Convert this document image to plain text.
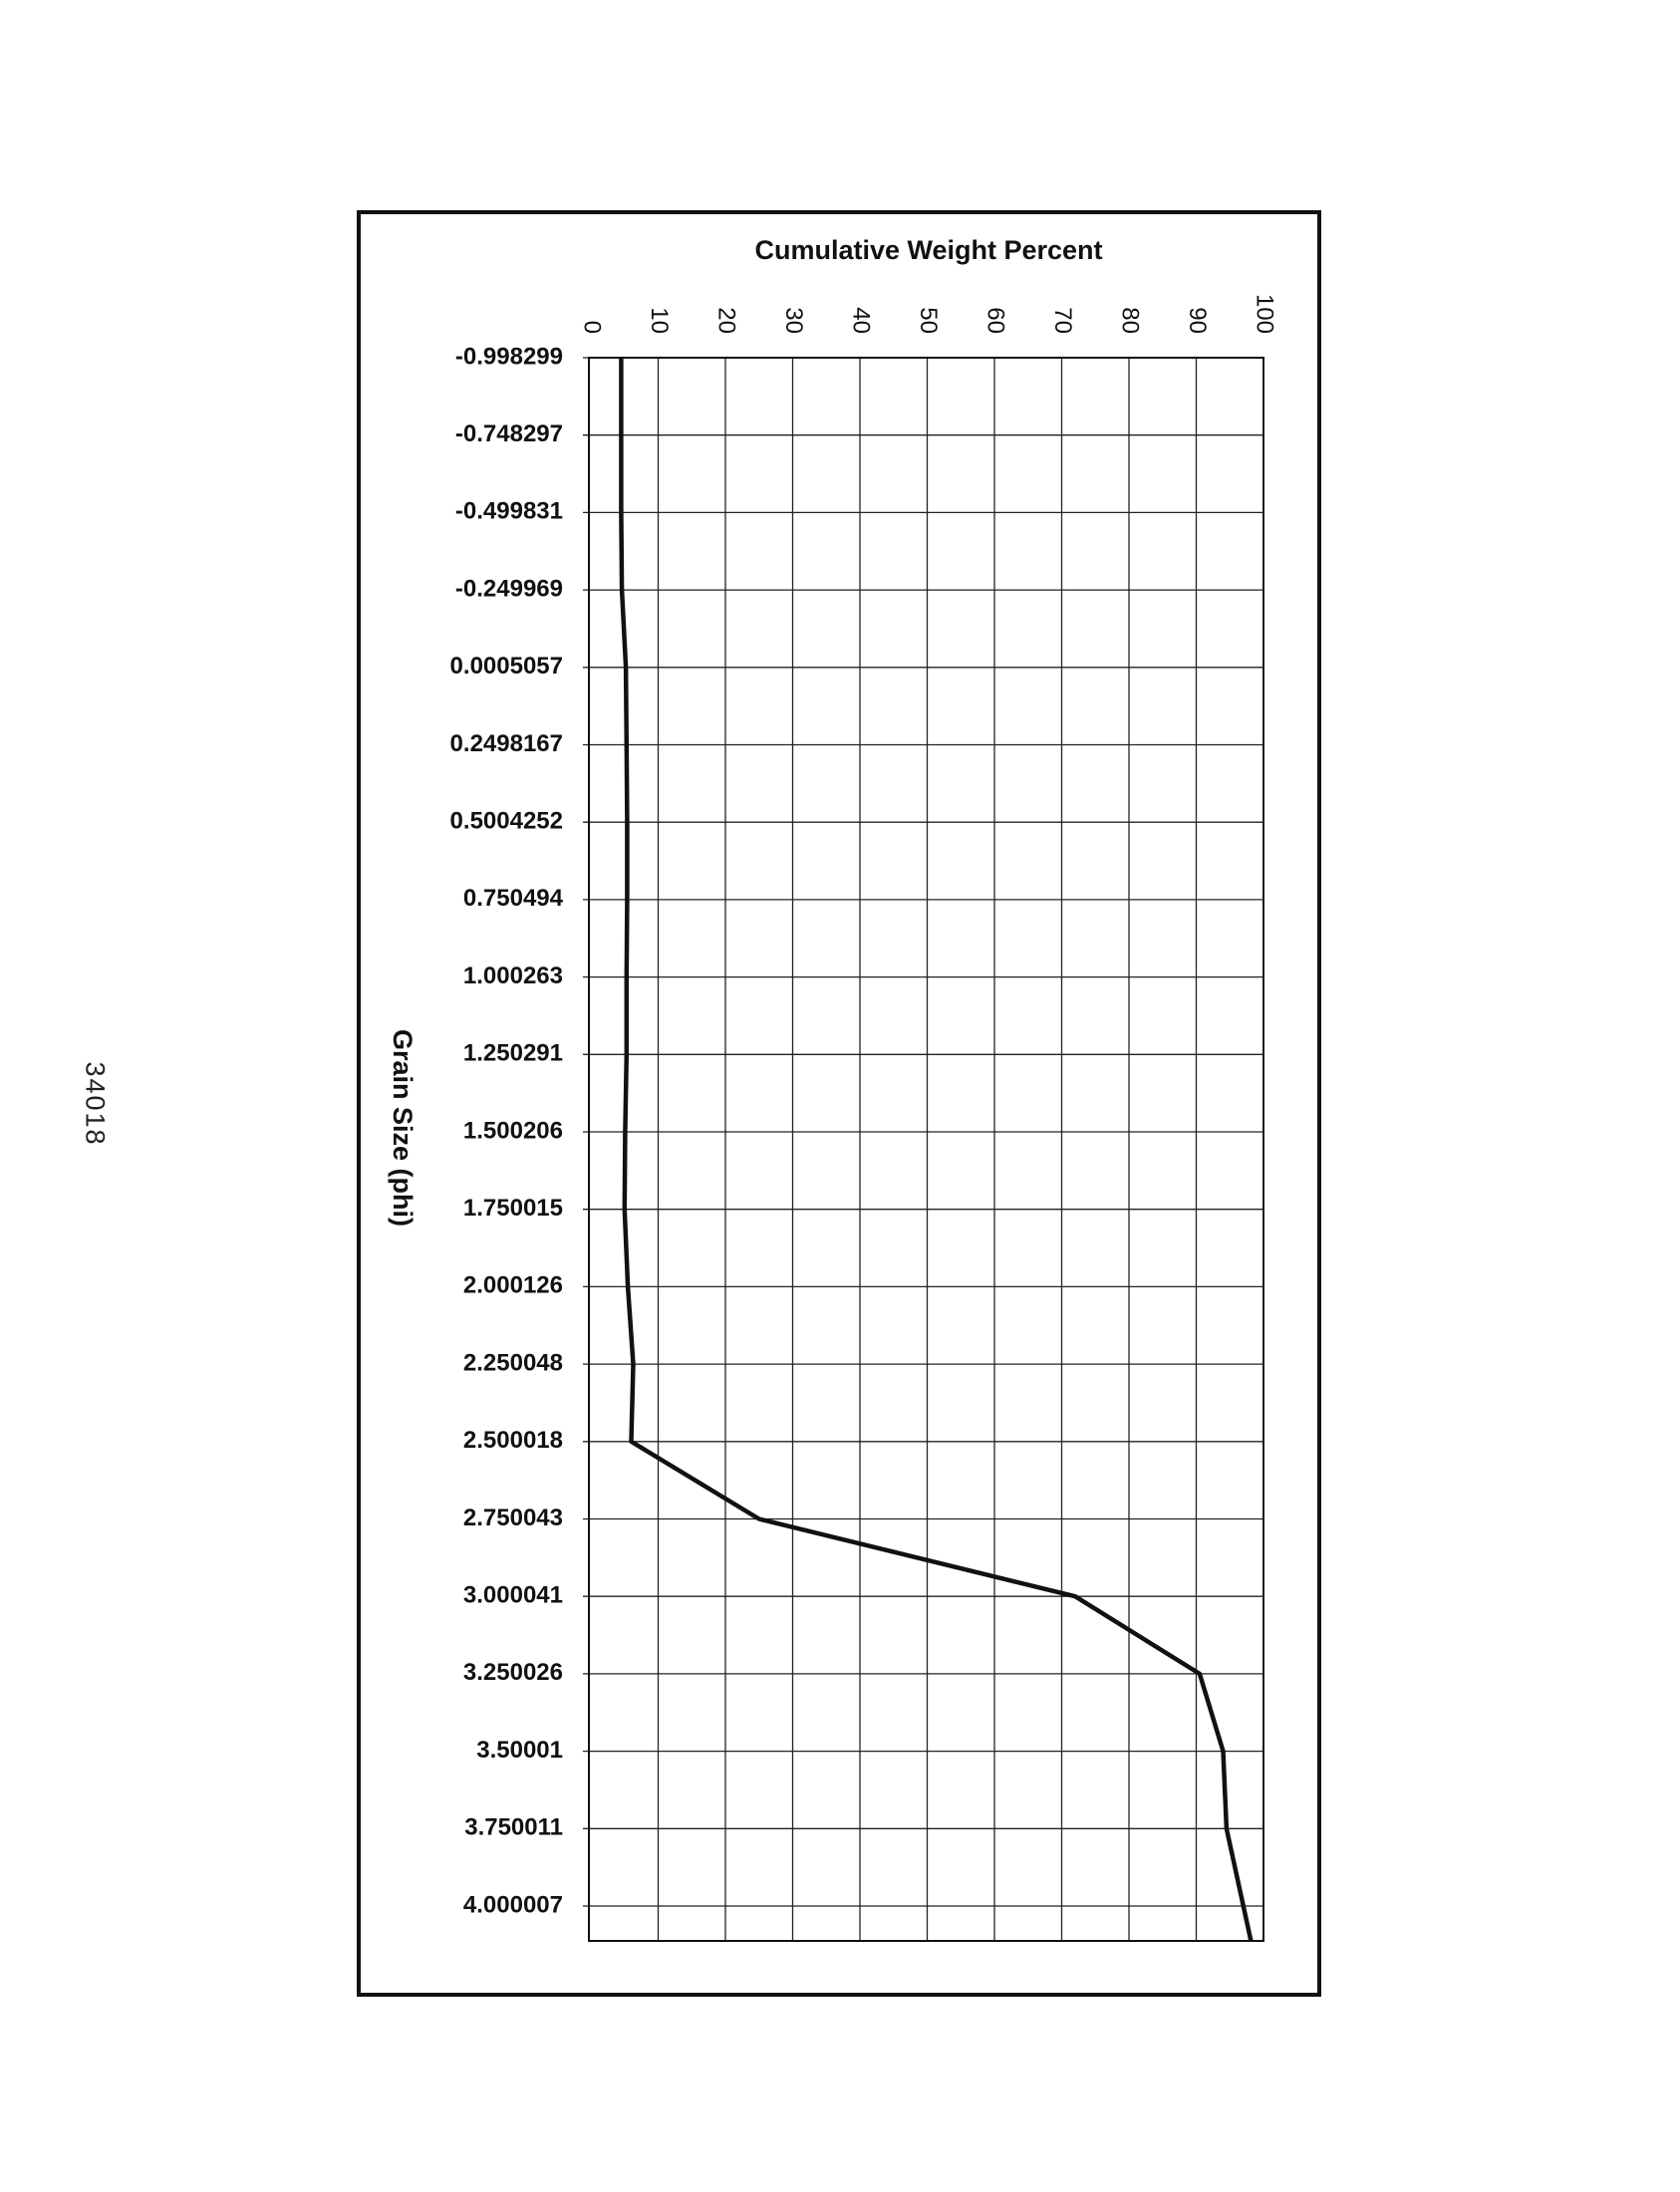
34018
-0.998299
-0.748297
-0.499831
-0.249969
0.0005057
0.2498167
0.5004252
0.750494
1.000263
1.250291
1.500206
1.750015
2.000126
2.250048
2.500018
2.750043
3.000041
3.250026
3.50001
3.750011
4.000007
0 10 20 30 40 50 60 70 80 90 100
Cumulative Weight Percent
Grain Size (phi)
